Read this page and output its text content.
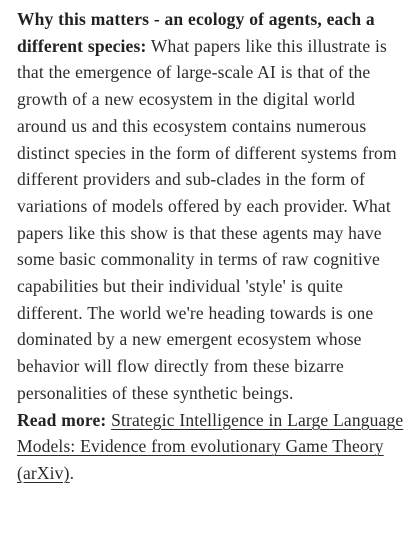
Why this matters - an ecology of agents, each a different species: What papers like this illustrate is that the emergence of large-scale AI is that of the growth of a new ecosystem in the digital world around us and this ecosystem contains numerous distinct species in the form of different systems from different providers and sub-clades in the form of variations of models offered by each provider. What papers like this show is that these agents may have some basic commonality in terms of raw cognitive capabilities but their individual 'style' is quite different. The world we're heading towards is one dominated by a new emergent ecosystem whose behavior will flow directly from these bizarre personalities of these synthetic beings.
Read more: Strategic Intelligence in Large Language Models: Evidence from evolutionary Game Theory (arXiv).
